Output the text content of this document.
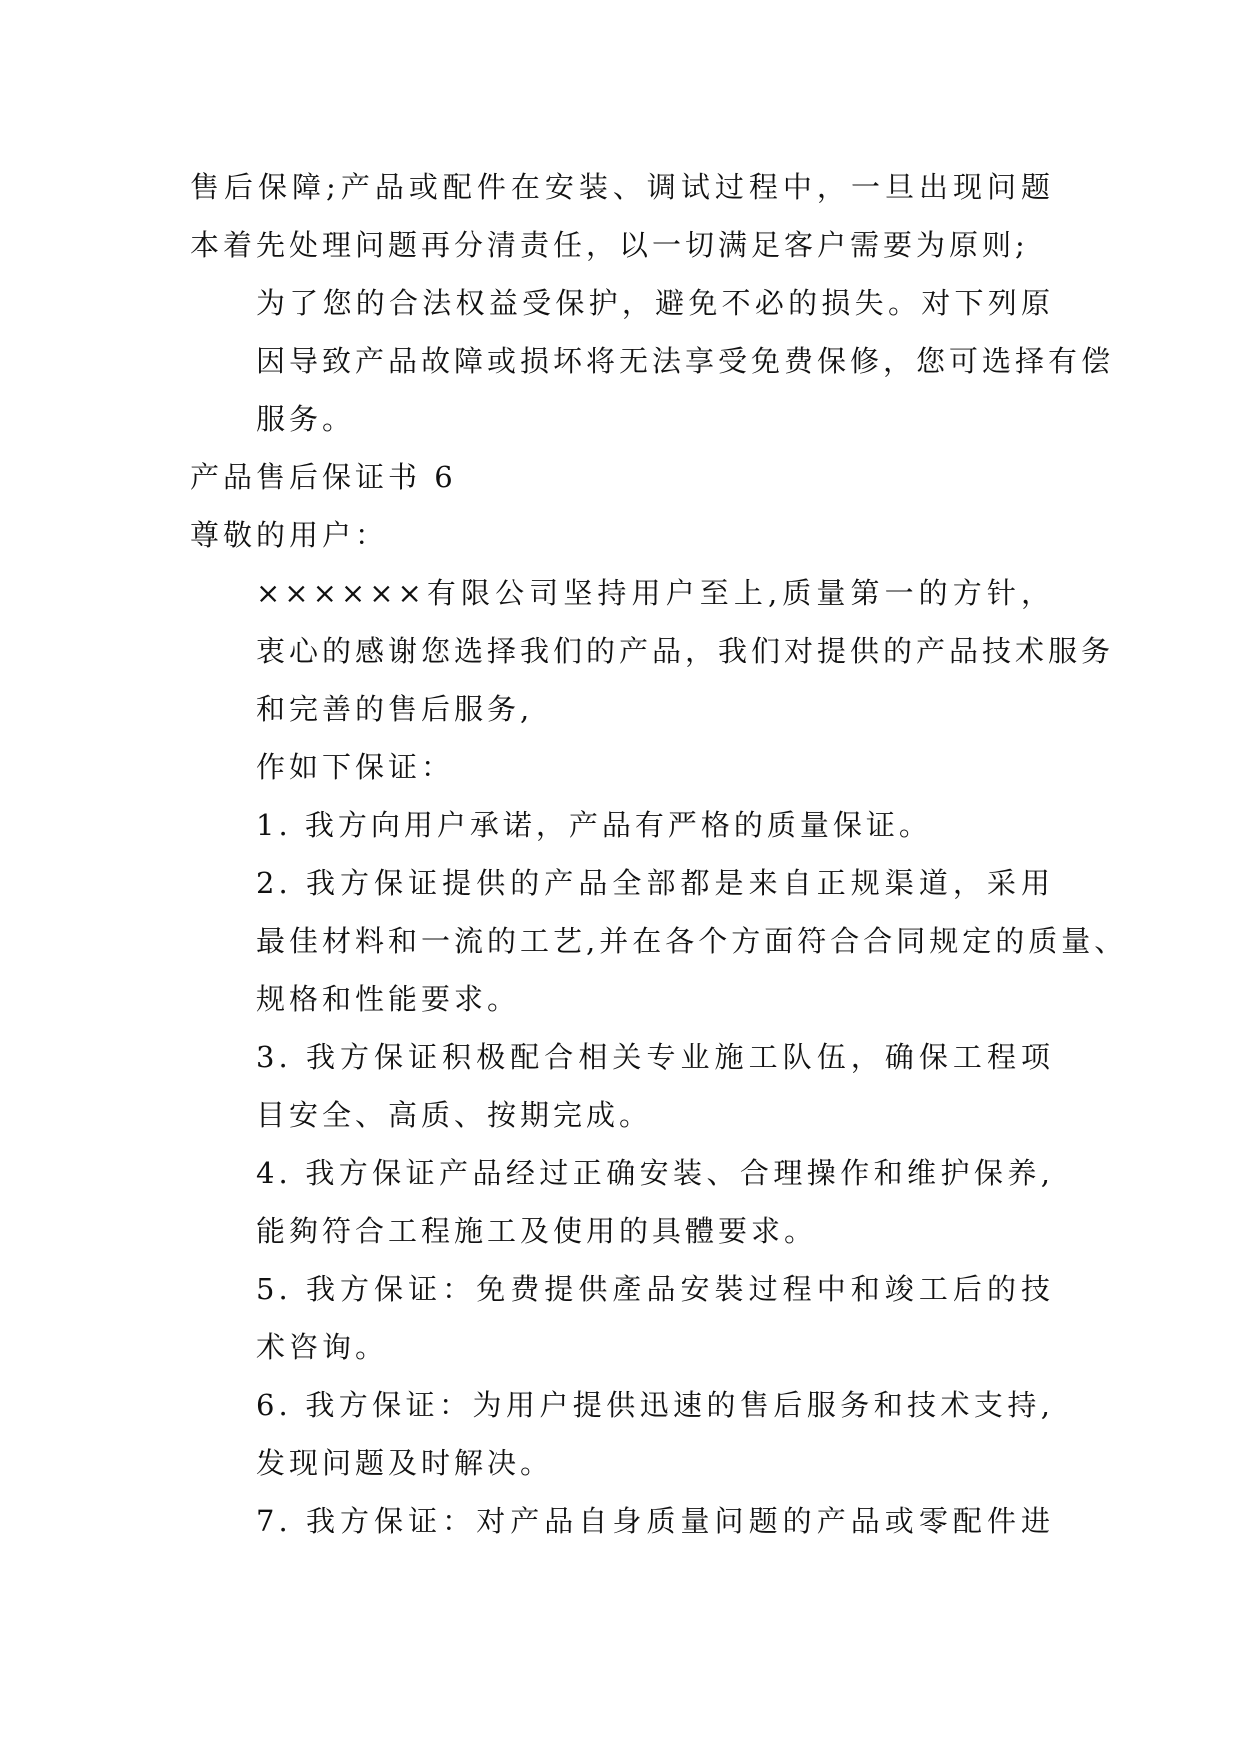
售后保障;产品或配件在安装、调试过程中，一旦出现问题
本着先处理问题再分清责任，以一切满足客户需要为原则;

为了您的合法权益受保护，避免不必的损失。对下列原
因导致产品故障或损坏将无法享受免费保修，您可选择有偿
服务。

产品售后保证书 6

尊敬的用户：

××××××有限公司坚持用户至上,质量第一的方针，
衷心的感谢您选择我们的产品，我们对提供的产品技术服务
和完善的售后服务,

作如下保证：

1. 我方向用户承诺，产品有严格的质量保证。

2. 我方保证提供的产品全部都是来自正规渠道，采用
最佳材料和一流的工艺,并在各个方面符合合同规定的质量、
规格和性能要求。

3. 我方保证积极配合相关专业施工队伍，确保工程项
目安全、高质、按期完成。

4. 我方保证产品经过正确安装、合理操作和维护保养,
能夠符合工程施工及使用的具體要求。

5. 我方保证：免费提供產品安裝过程中和竣工后的技
术咨询。

6. 我方保证：为用户提供迅速的售后服务和技术支持,
发现问题及时解决。

7. 我方保证：对产品自身质量问题的产品或零配件进
